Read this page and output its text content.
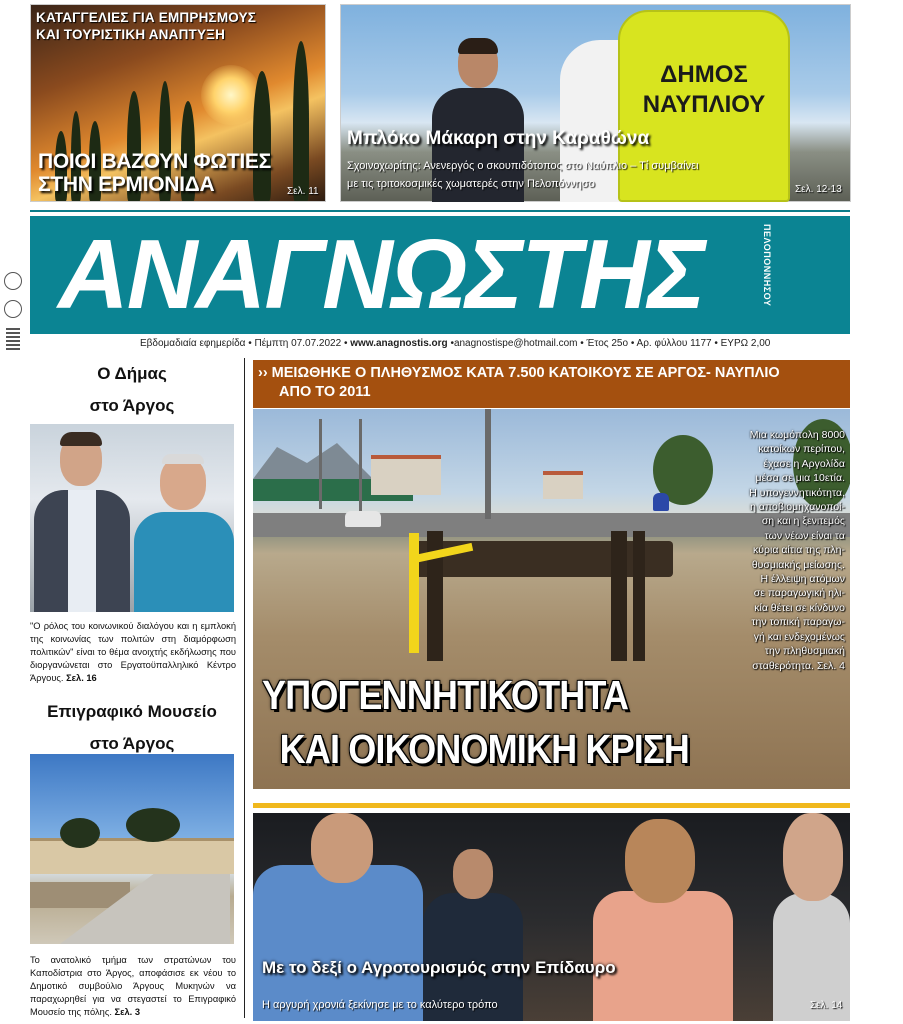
ΚΑΤΑΓΓΕΛΙΕΣ ΓΙΑ ΕΜΠΡΗΣΜΟΥΣ
ΚΑΙ ΤΟΥΡΙΣΤΙΚΗ ΑΝΑΠΤΥΞΗ
ΠΟΙΟΙ ΒΑΖΟΥΝ ΦΩΤΙΕΣ
ΣΤΗΝ ΕΡΜΙΟΝΙΔΑ	Σελ. 11
ΔΗΜΟΣ
ΝΑΥΠΛΙΟΥ
Μπλόκο Μάκαρη στην Καραθώνα
Σχοινοχωρίτης: Ανενεργός ο σκουπιδότοπος στο Ναύπλιο – Τί συμβαίνει
με τις τριτοκοσμικές χωματερές στην Πελοπόννησο	Σελ. 12-13
ΑΝΑΓΝΩΣΤΗΣ	ΠΕΛΟΠΟΝΝΗΣΟΥ
Εβδομαδιαία εφημερίδα • Πέμπτη 07.07.2022 • www.anagnostis.org •anagnostispe@hotmail.com • Έτος 25ο • Αρ. φύλλου 1177 • ΕΥΡΩ 2,00
Ο Δήμας
στο Άργος
"Ο ρόλος του κοινωνικού διαλόγου και η εμπλοκή της κοινωνίας των πολιτών στη διαμόρφωση πολιτικών" είναι το θέμα ανοιχτής εκδήλωσης που διοργανώνεται στο Εργατοϋπαλληλικό Κέντρο Άργους. Σελ. 16
Επιγραφικό Μουσείο
στο Άργος
Το ανατολικό τμήμα των στρατώνων του Καποδίστρια στο Άργος, αποφάσισε εκ νέου το Δημοτικό συμβούλιο Άργους Μυκηνών να παραχωρηθεί για να στεγαστεί το Επιγραφικό Μουσείο της πόλης. Σελ. 3
›› ΜΕΙΩΘΗΚΕ Ο ΠΛΗΘΥΣΜΟΣ ΚΑΤΑ 7.500 ΚΑΤΟΙΚΟΥΣ ΣΕ ΑΡΓΟΣ- ΝΑΥΠΛΙΟ
ΑΠΟ ΤΟ 2011
Μια κωμόπολη 8000
κατοίκων περίπου,
έχασε η Αργολίδα
μέσα σε μια 10ετία.
Η υπογεννητικότητα,
η αποβιομηχανοποί-
ση και η ξενιτεμός
των νέων είναι τα
κύρια αίτια της πλη-
θυσμιακής μείωσης.
Η έλλειψη ατόμων
σε παραγωγική ηλι-
κία θέτει σε κίνδυνο
την τοπική παραγω-
γή και ενδεχομένως
την πληθυσμιακή
σταθερότητα. Σελ. 4
ΥΠΟΓΕΝΝΗΤΙΚΟΤΗΤΑ
ΚΑΙ ΟΙΚΟΝΟΜΙΚΗ ΚΡΙΣΗ
Με το δεξί ο Αγροτουρισμός στην Επίδαυρο
Η αργυρή χρονιά ξεκίνησε με το καλύτερο τρόπο	Σελ. 14
